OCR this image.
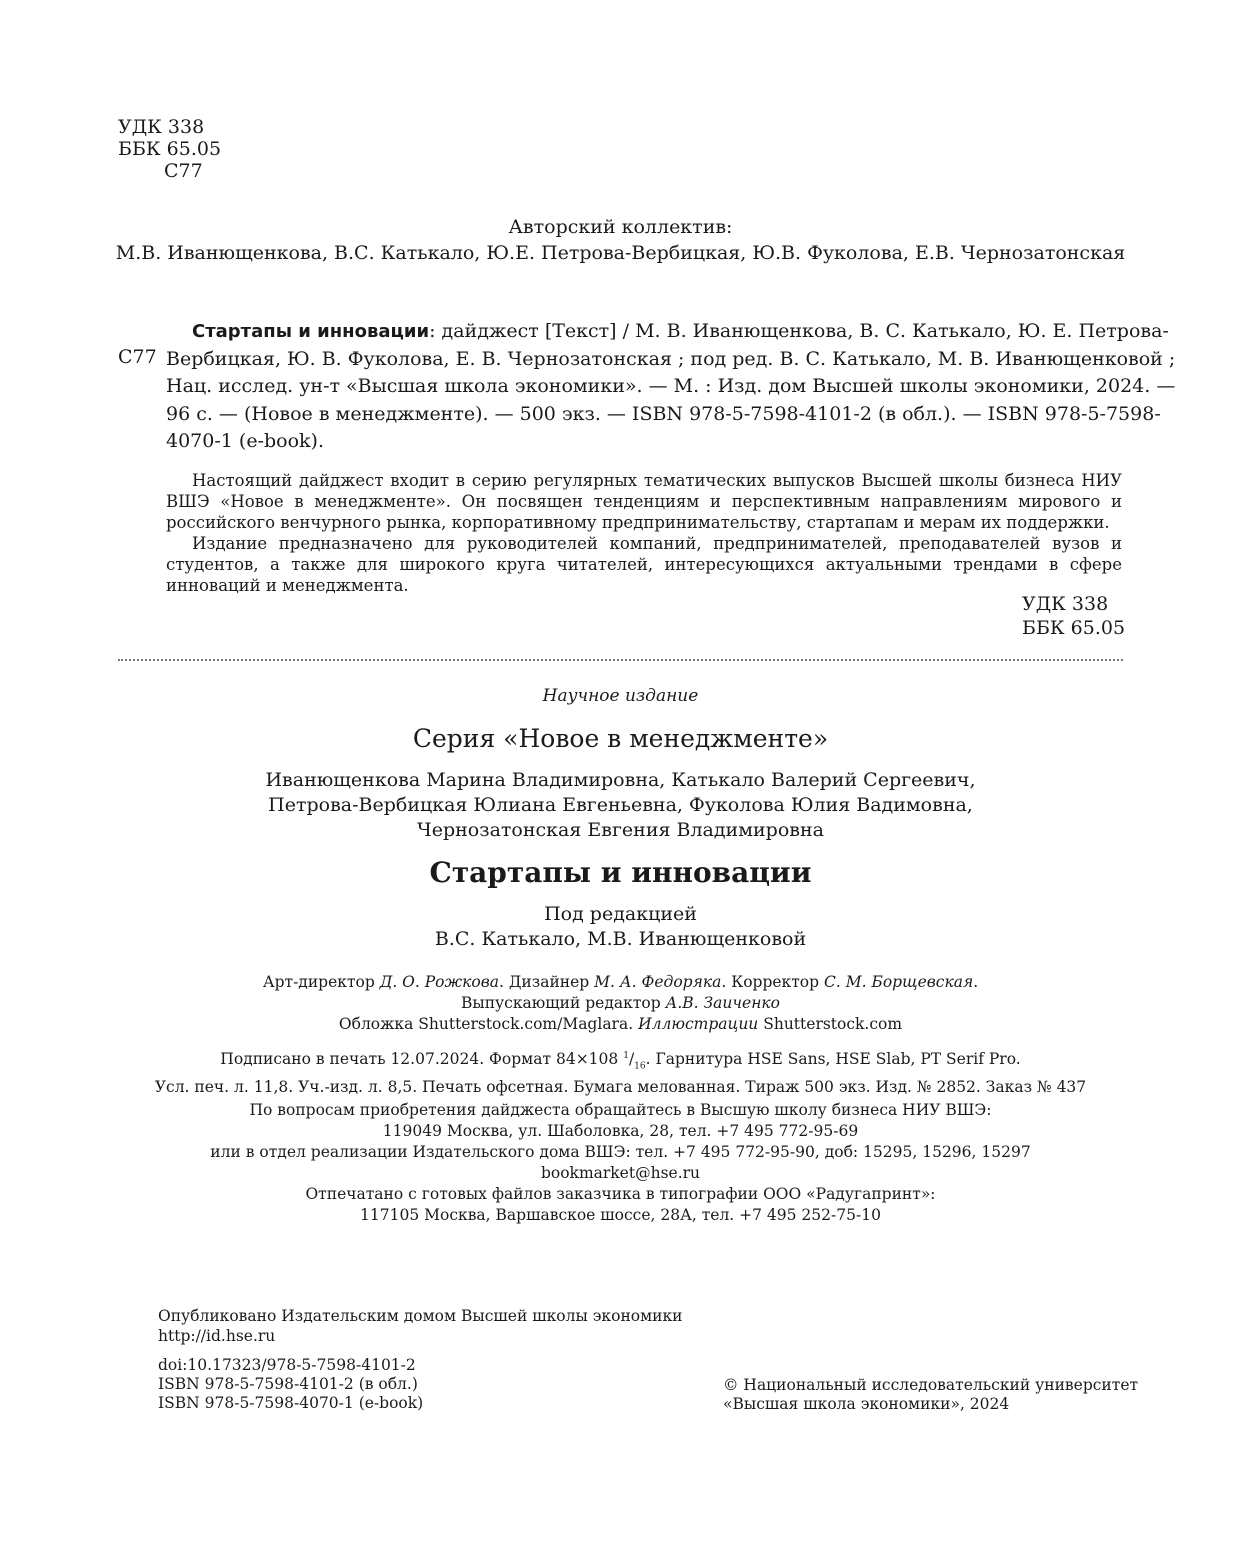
УДК 338
ББК 65.05
С77
Авторский коллектив:
М.В. Иванющенкова, В.С. Катькало, Ю.Е. Петрова-Вербицкая, Ю.В. Фуколова, Е.В. Чернозатонская
С77
Стартапы и инновации: дайджест [Текст] / М. В. Иванющенкова, В. С. Катькало, Ю. Е. Петрова-
Вербицкая, Ю. В. Фуколова, Е. В. Чернозатонская ; под ред. В. С. Катькало, М. В. Иванющенковой ;
Нац. исслед. ун-т «Высшая школа экономики». — М. : Изд. дом Высшей школы экономики, 2024. —
96 с. — (Новое в менеджменте). — 500 экз. — ISBN 978-5-7598-4101-2 (в обл.). — ISBN 978-5-7598-
4070-1 (e-book).

Настоящий дайджест входит в серию регулярных тематических выпусков Высшей школы бизнеса НИУ ВШЭ «Новое в менеджменте». Он посвящен тенденциям и перспективным направлениям мирового и российского венчурного рынка, корпоративному предпринимательству, стартапам и мерам их поддержки.

Издание предназначено для руководителей компаний, предпринимателей, преподавателей вузов и студентов, а также для широкого круга читателей, интересующихся актуальными трендами в сфере инноваций и менеджмента.

УДК 338
ББК 65.05
Научное издание
Серия «Новое в менеджменте»
Иванющенкова Марина Владимировна, Катькало Валерий Сергеевич,
Петрова-Вербицкая Юлиана Евгеньевна, Фуколова Юлия Вадимовна,
Чернозатонская Евгения Владимировна
Стартапы и инновации
Под редакцией
В.С. Катькало, М.В. Иванющенковой
Арт-директор Д. О. Рожкова. Дизайнер М. А. Федоряка. Корректор С. М. Борщевская.
Выпускающий редактор А.В. Заиченко
Обложка Shutterstock.com/Maglara. Иллюстрации Shutterstock.com
Подписано в печать 12.07.2024. Формат 84×108 $^1/_{16}$. Гарнитура HSE Sans, HSE Slab, PT Serif Pro.
Усл. печ. л. 11,8. Уч.-изд. л. 8,5. Печать офсетная. Бумага мелованная. Тираж 500 экз. Изд. № 2852. Заказ № 437
По вопросам приобретения дайджеста обращайтесь в Высшую школу бизнеса НИУ ВШЭ:
119049 Москва, ул. Шаболовка, 28, тел. +7 495 772-95-69
или в отдел реализации Издательского дома ВШЭ: тел. +7 495 772-95-90, доб: 15295, 15296, 15297
bookmarket@hse.ru
Отпечатано с готовых файлов заказчика в типографии ООО «Радугапринт»:
117105 Москва, Варшавское шоссе, 28А, тел. +7 495 252-75-10
Опубликовано Издательским домом Высшей школы экономики
http://id.hse.ru
doi:10.17323/978-5-7598-4101-2
ISBN 978-5-7598-4101-2 (в обл.)
ISBN 978-5-7598-4070-1 (e-book)
© Национальный исследовательский университет
«Высшая школа экономики», 2024
